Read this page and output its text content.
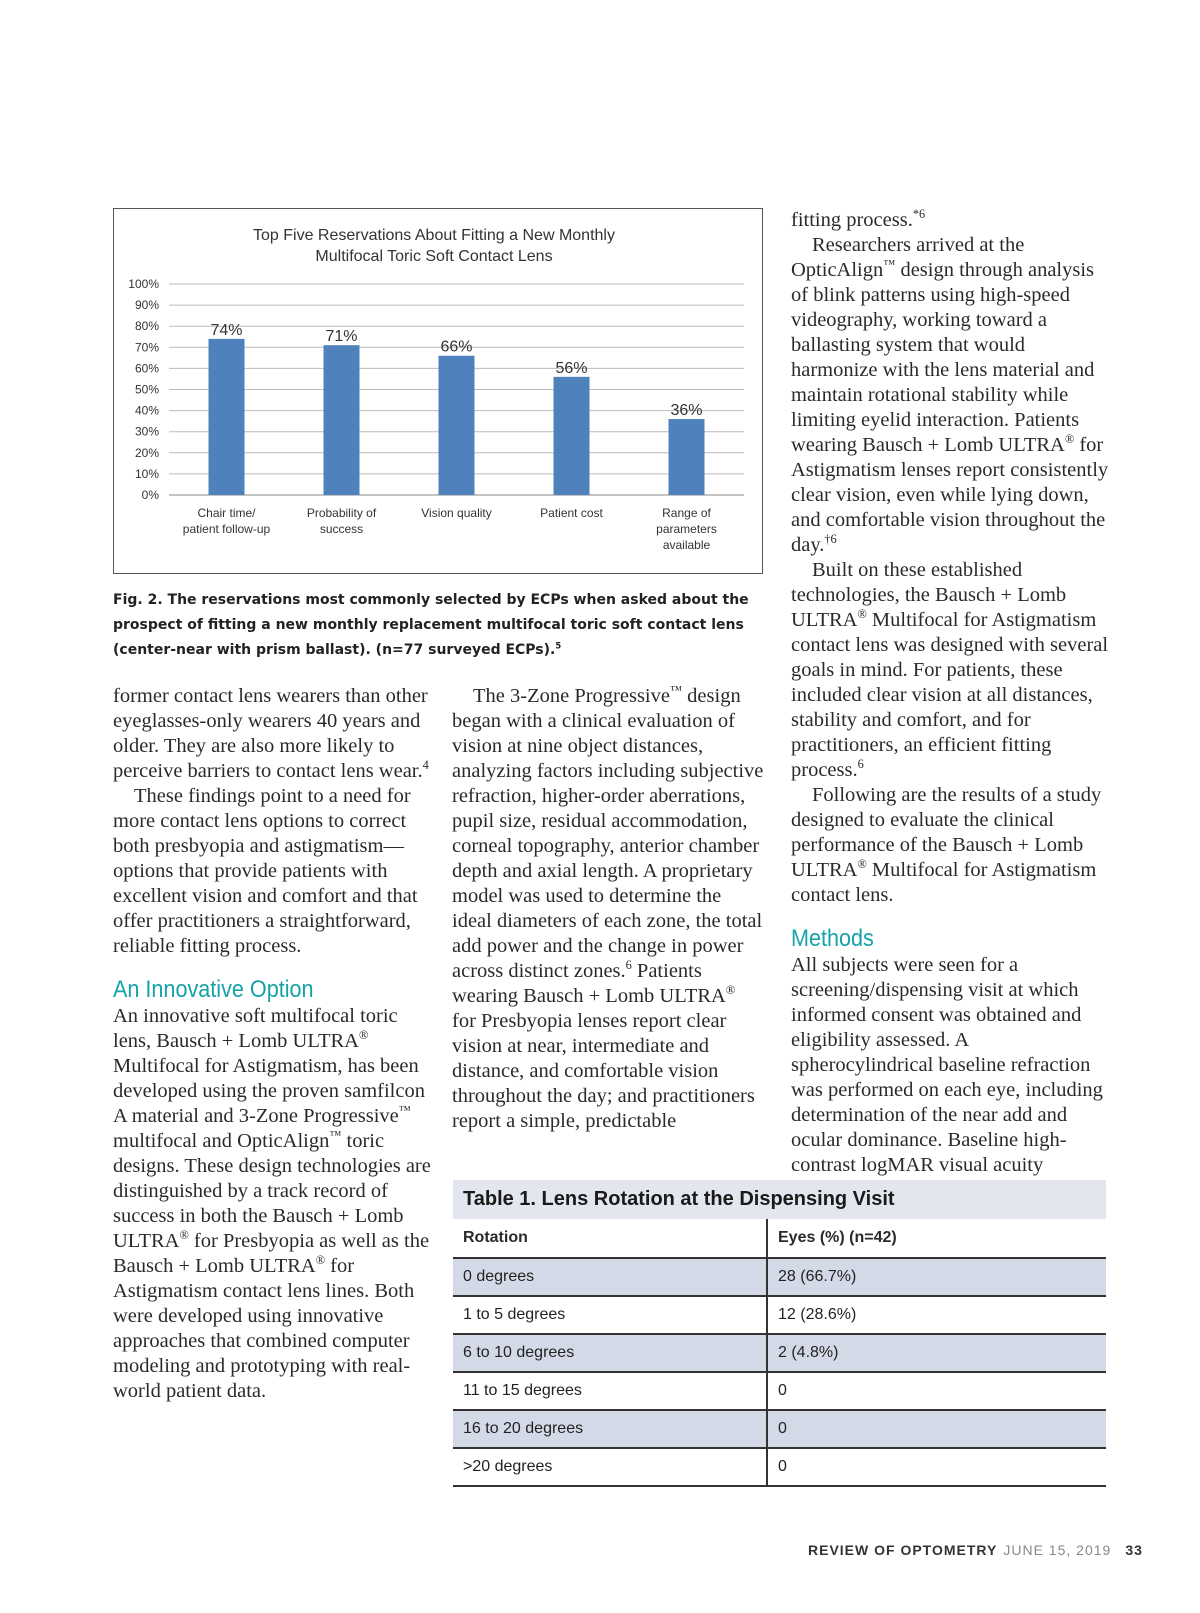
Top Five Reservations About Fitting a New Monthly
Multifocal Toric Soft Contact Lens
0%
10%
20%
30%
40%
50%
60%
70%
80%
90%
100%
74%	71%
66%
56%
36%
Chair time/ patient follow-up
Probability of success
Vision quality	Patient cost	Range of parameters available
Fig. 2. The reservations most commonly selected by ECPs when asked about the prospect of fitting a new monthly replacement multifocal toric soft contact lens (center-near with prism ballast). (n=77 surveyed ECPs).$^5$

former contact lens wearers than other eyeglasses-only wearers 40 years and older. They are also more likely to perceive barriers to contact lens wear.$^4$

These findings point to a need for more contact lens options to correct both presbyopia and astigmatism—options that provide patients with excellent vision and comfort and that offer practitioners a straightforward, reliable fitting process.

An Innovative Option

An innovative soft multifocal toric lens, Bausch + Lomb ULTRA® Multifocal for Astigmatism, has been developed using the proven samfilcon A material and 3-Zone Progressive™ multifocal and OpticAlign™ toric designs. These design technologies are distinguished by a track record of success in both the Bausch + Lomb ULTRA® for Presbyopia as well as the Bausch + Lomb ULTRA® for Astigmatism contact lens lines. Both were developed using innovative approaches that combined computer modeling and prototyping with real-world patient data.

The 3-Zone Progressive™ design began with a clinical evaluation of vision at nine object distances, analyzing factors including subjective refraction, higher-order aberrations, pupil size, residual accommodation, corneal topography, anterior chamber depth and axial length. A proprietary model was used to determine the ideal diameters of each zone, the total add power and the change in power across distinct zones.$^6$ Patients wearing Bausch + Lomb ULTRA® for Presbyopia lenses report clear vision at near, intermediate and distance, and comfortable vision throughout the day; and practitioners report a simple, predictable

fitting process.$^{*6}$

Researchers arrived at the OpticAlign™ design through analysis of blink patterns using high-speed videography, working toward a ballasting system that would harmonize with the lens material and maintain rotational stability while limiting eyelid interaction. Patients wearing Bausch + Lomb ULTRA® for Astigmatism lenses report consistently clear vision, even while lying down, and comfortable vision throughout the day.$^{\dagger 6}$

Built on these established technologies, the Bausch + Lomb ULTRA® Multifocal for Astigmatism contact lens was designed with several goals in mind. For patients, these included clear vision at all distances, stability and comfort, and for practitioners, an efficient fitting process.$^6$

Following are the results of a study designed to evaluate the clinical performance of the Bausch + Lomb ULTRA® Multifocal for Astigmatism contact lens.

Methods

All subjects were seen for a screening/dispensing visit at which informed consent was obtained and eligibility assessed. A spherocylindrical baseline refraction was performed on each eye, including determination of the near add and ocular dominance. Baseline high-contrast logMAR visual acuity

Table 1. Lens Rotation at the Dispensing Visit
Rotation	Eyes (%) (n=42)
0 degrees	28 (66.7%)
1 to 5 degrees	12 (28.6%)
6 to 10 degrees	2 (4.8%)
11 to 15 degrees	0
16 to 20 degrees	0
>20 degrees	0
REVIEW OF OPTOMETRY JUNE 15, 2019 33
